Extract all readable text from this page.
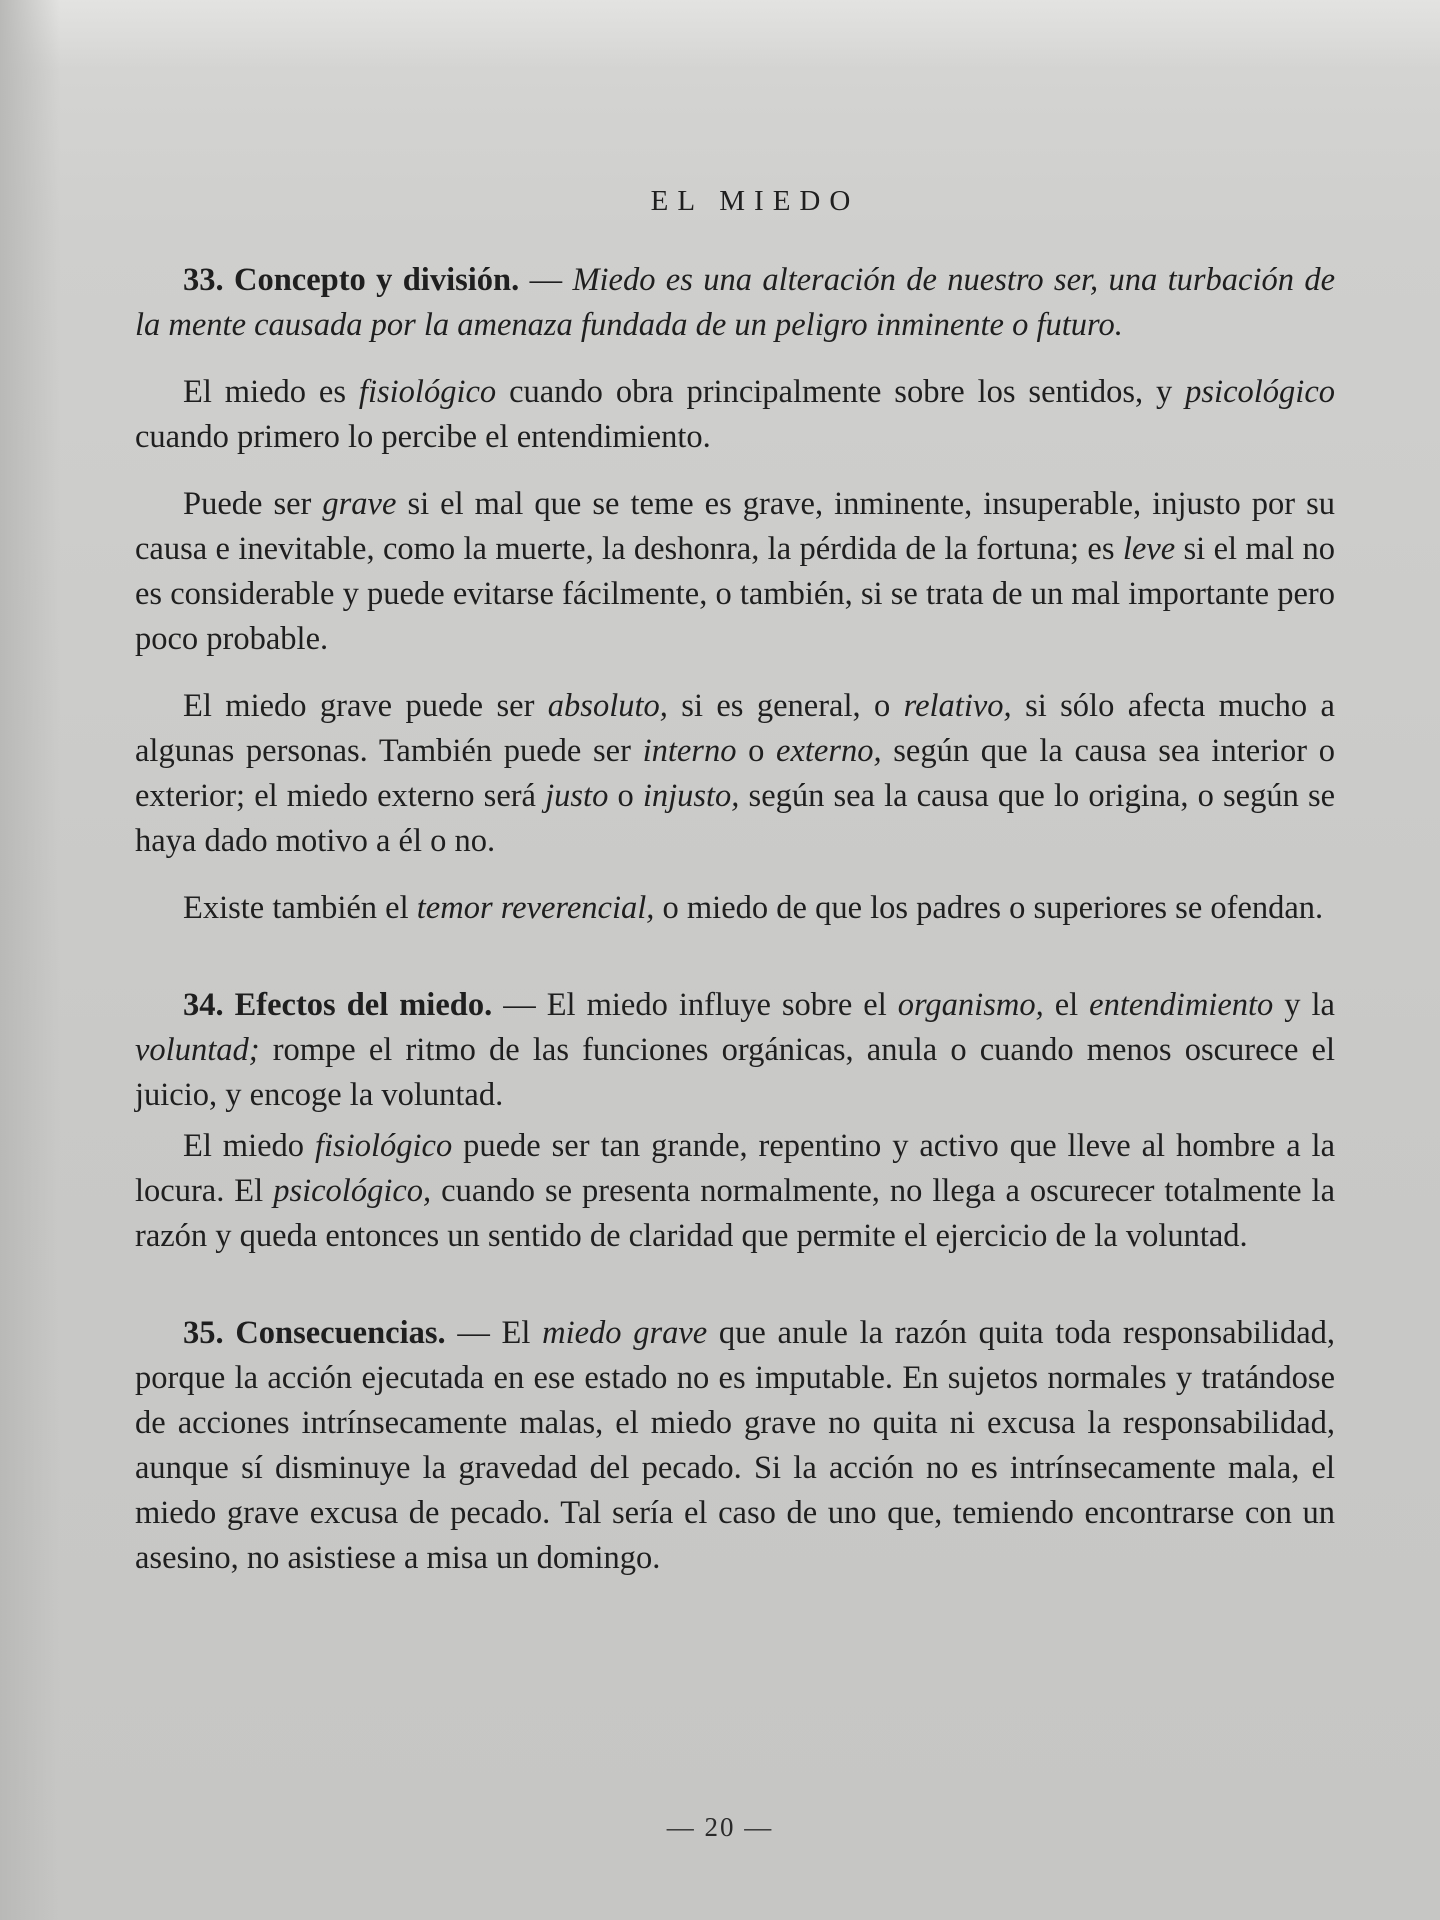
EL MIEDO

33. Concepto y división. — Miedo es una alteración de nuestro ser, una turbación de la mente causada por la amenaza fundada de un peligro inminente o futuro.

El miedo es fisiológico cuando obra principalmente sobre los sentidos, y psicológico cuando primero lo percibe el entendimiento.

Puede ser grave si el mal que se teme es grave, inminente, insuperable, injusto por su causa e inevitable, como la muerte, la deshonra, la pérdida de la fortuna; es leve si el mal no es considerable y puede evitarse fácilmente, o también, si se trata de un mal importante pero poco probable.

El miedo grave puede ser absoluto, si es general, o relativo, si sólo afecta mucho a algunas personas. También puede ser interno o externo, según que la causa sea interior o exterior; el miedo externo será justo o injusto, según sea la causa que lo origina, o según se haya dado motivo a él o no.

Existe también el temor reverencial, o miedo de que los padres o superiores se ofendan.

34. Efectos del miedo. — El miedo influye sobre el organismo, el entendimiento y la voluntad; rompe el ritmo de las funciones orgánicas, anula o cuando menos oscurece el juicio, y encoge la voluntad.

El miedo fisiológico puede ser tan grande, repentino y activo que lleve al hombre a la locura. El psicológico, cuando se presenta normalmente, no llega a oscurecer totalmente la razón y queda entonces un sentido de claridad que permite el ejercicio de la voluntad.

35. Consecuencias. — El miedo grave que anule la razón quita toda responsabilidad, porque la acción ejecutada en ese estado no es imputable. En sujetos normales y tratándose de acciones intrínsecamente malas, el miedo grave no quita ni excusa la responsabilidad, aunque sí disminuye la gravedad del pecado. Si la acción no es intrínsecamente mala, el miedo grave excusa de pecado. Tal sería el caso de uno que, temiendo encontrarse con un asesino, no asistiese a misa un domingo.

— 20 —
